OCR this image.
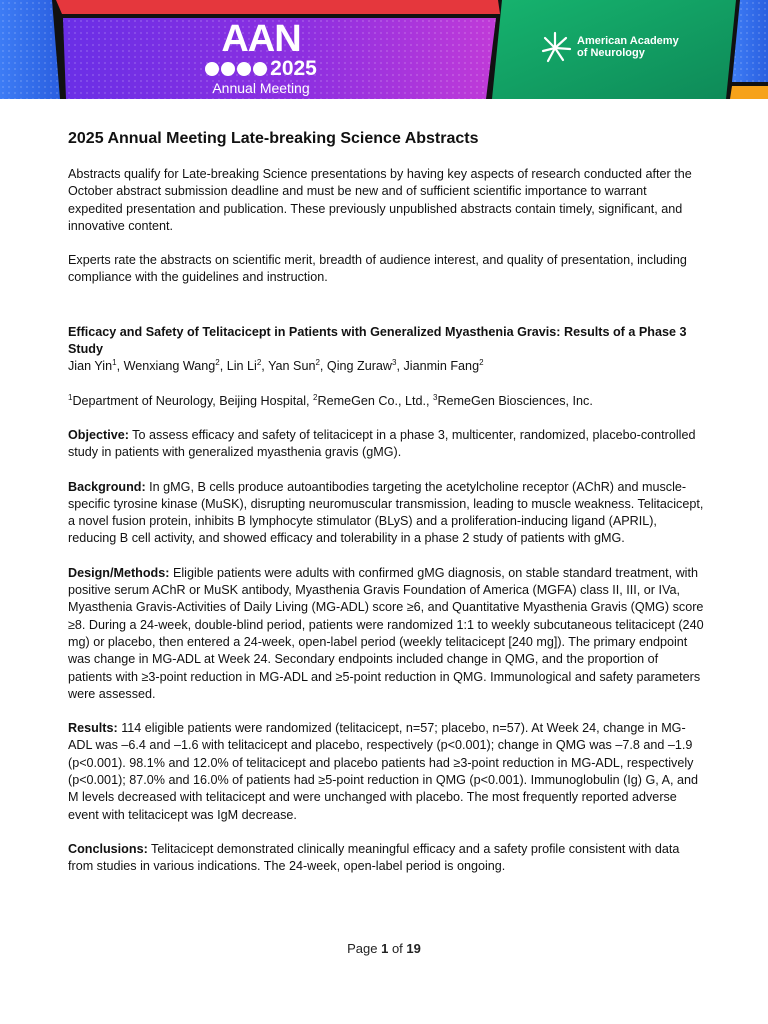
AAN
2025
Annual Meeting
American Academy
of Neurology
2025 Annual Meeting Late-breaking Science Abstracts

Abstracts qualify for Late-breaking Science presentations by having key aspects of research conducted after the October abstract submission deadline and must be new and of sufficient scientific importance to warrant expedited presentation and publication. These previously unpublished abstracts contain timely, significant, and innovative content.

Experts rate the abstracts on scientific merit, breadth of audience interest, and quality of presentation, including compliance with the guidelines and instruction.

Efficacy and Safety of Telitacicept in Patients with Generalized Myasthenia Gravis: Results of a Phase 3 Study

Jian Yin$^1$, Wenxiang Wang$^2$, Lin Li$^2$, Yan Sun$^2$, Qing Zuraw$^3$, Jianmin Fang$^2$

$^1$Department of Neurology, Beijing Hospital, $^2$RemeGen Co., Ltd., $^3$RemeGen Biosciences, Inc.

Objective: To assess efficacy and safety of telitacicept in a phase 3, multicenter, randomized, placebo-controlled study in patients with generalized myasthenia gravis (gMG).

Background: In gMG, B cells produce autoantibodies targeting the acetylcholine receptor (AChR) and muscle-specific tyrosine kinase (MuSK), disrupting neuromuscular transmission, leading to muscle weakness. Telitacicept, a novel fusion protein, inhibits B lymphocyte stimulator (BLyS) and a proliferation-inducing ligand (APRIL), reducing B cell activity, and showed efficacy and tolerability in a phase 2 study of patients with gMG.

Design/Methods: Eligible patients were adults with confirmed gMG diagnosis, on stable standard treatment, with positive serum AChR or MuSK antibody, Myasthenia Gravis Foundation of America (MGFA) class II, III, or IVa, Myasthenia Gravis-Activities of Daily Living (MG-ADL) score ≥6, and Quantitative Myasthenia Gravis (QMG) score ≥8. During a 24-week, double-blind period, patients were randomized 1:1 to weekly subcutaneous telitacicept (240 mg) or placebo, then entered a 24-week, open-label period (weekly telitacicept [240 mg]). The primary endpoint was change in MG-ADL at Week 24. Secondary endpoints included change in QMG, and the proportion of patients with ≥3-point reduction in MG-ADL and ≥5-point reduction in QMG. Immunological and safety parameters were assessed.

Results: 114 eligible patients were randomized (telitacicept, n=57; placebo, n=57). At Week 24, change in MG-ADL was –6.4 and –1.6 with telitacicept and placebo, respectively (p<0.001); change in QMG was –7.8 and –1.9 (p<0.001). 98.1% and 12.0% of telitacicept and placebo patients had ≥3-point reduction in MG-ADL, respectively (p<0.001); 87.0% and 16.0% of patients had ≥5-point reduction in QMG (p<0.001). Immunoglobulin (Ig) G, A, and M levels decreased with telitacicept and were unchanged with placebo. The most frequently reported adverse event with telitacicept was IgM decrease.

Conclusions: Telitacicept demonstrated clinically meaningful efficacy and a safety profile consistent with data from studies in various indications. The 24-week, open-label period is ongoing.

Page 1 of 19
